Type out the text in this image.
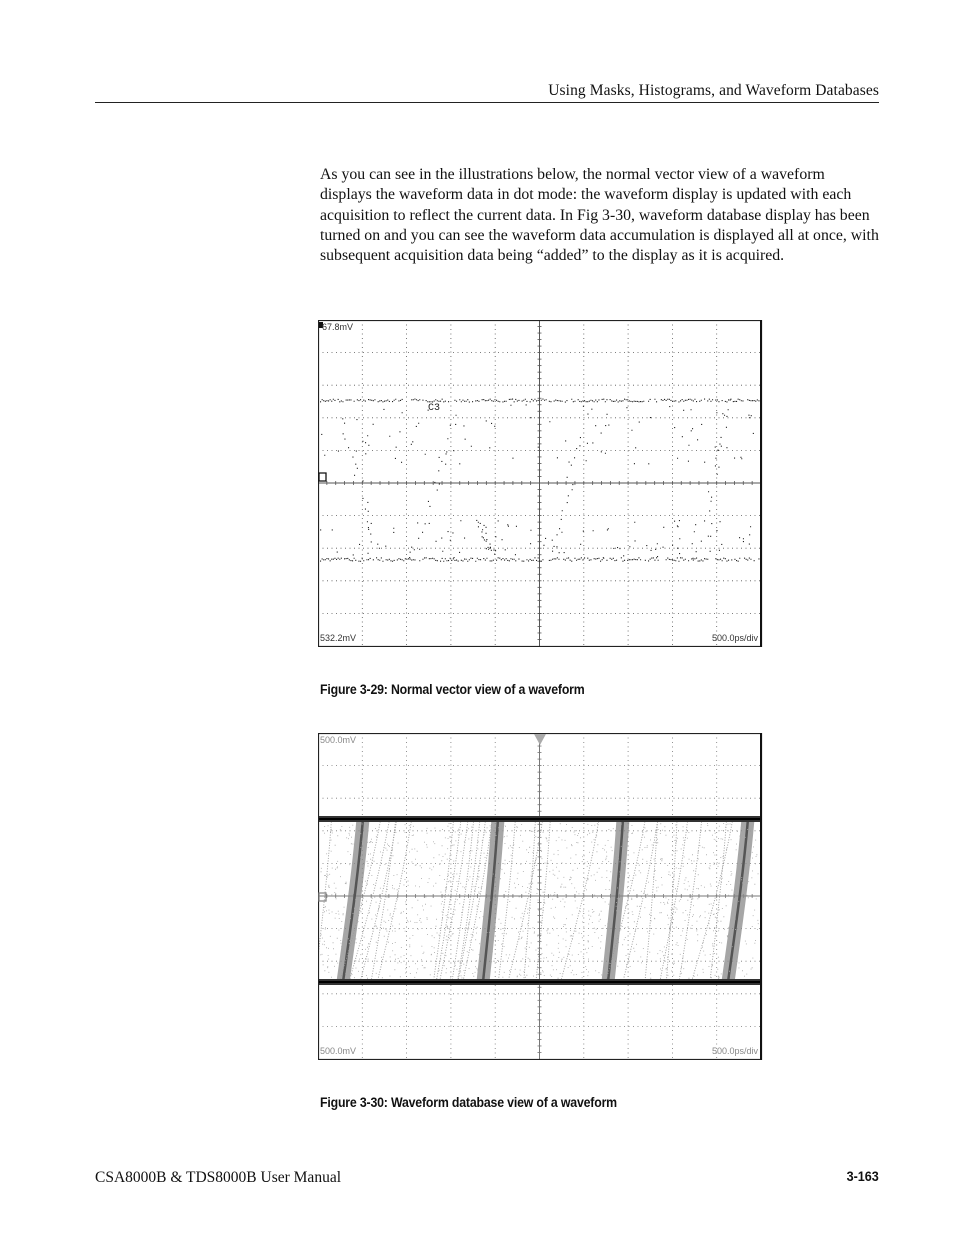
Using Masks, Histograms, and Waveform Databases

As you can see in the illustrations below, the normal vector view of a waveform displays the waveform data in dot mode: the waveform display is updated with each acquisition to reflect the current data. In Fig 3-30, waveform database display has been turned on and you can see the waveform data accumulation is displayed all at once, with subsequent acquisition data being “added” to the display as it is acquired.

67.8mV
532.2mV	500.0ps/div
C3
Figure 3-29: Normal vector view of a waveform
500.0mV
500.0mV	500.0ps/div
Figure 3-30: Waveform database view of a waveform
CSA8000B & TDS8000B User Manual	3-163
